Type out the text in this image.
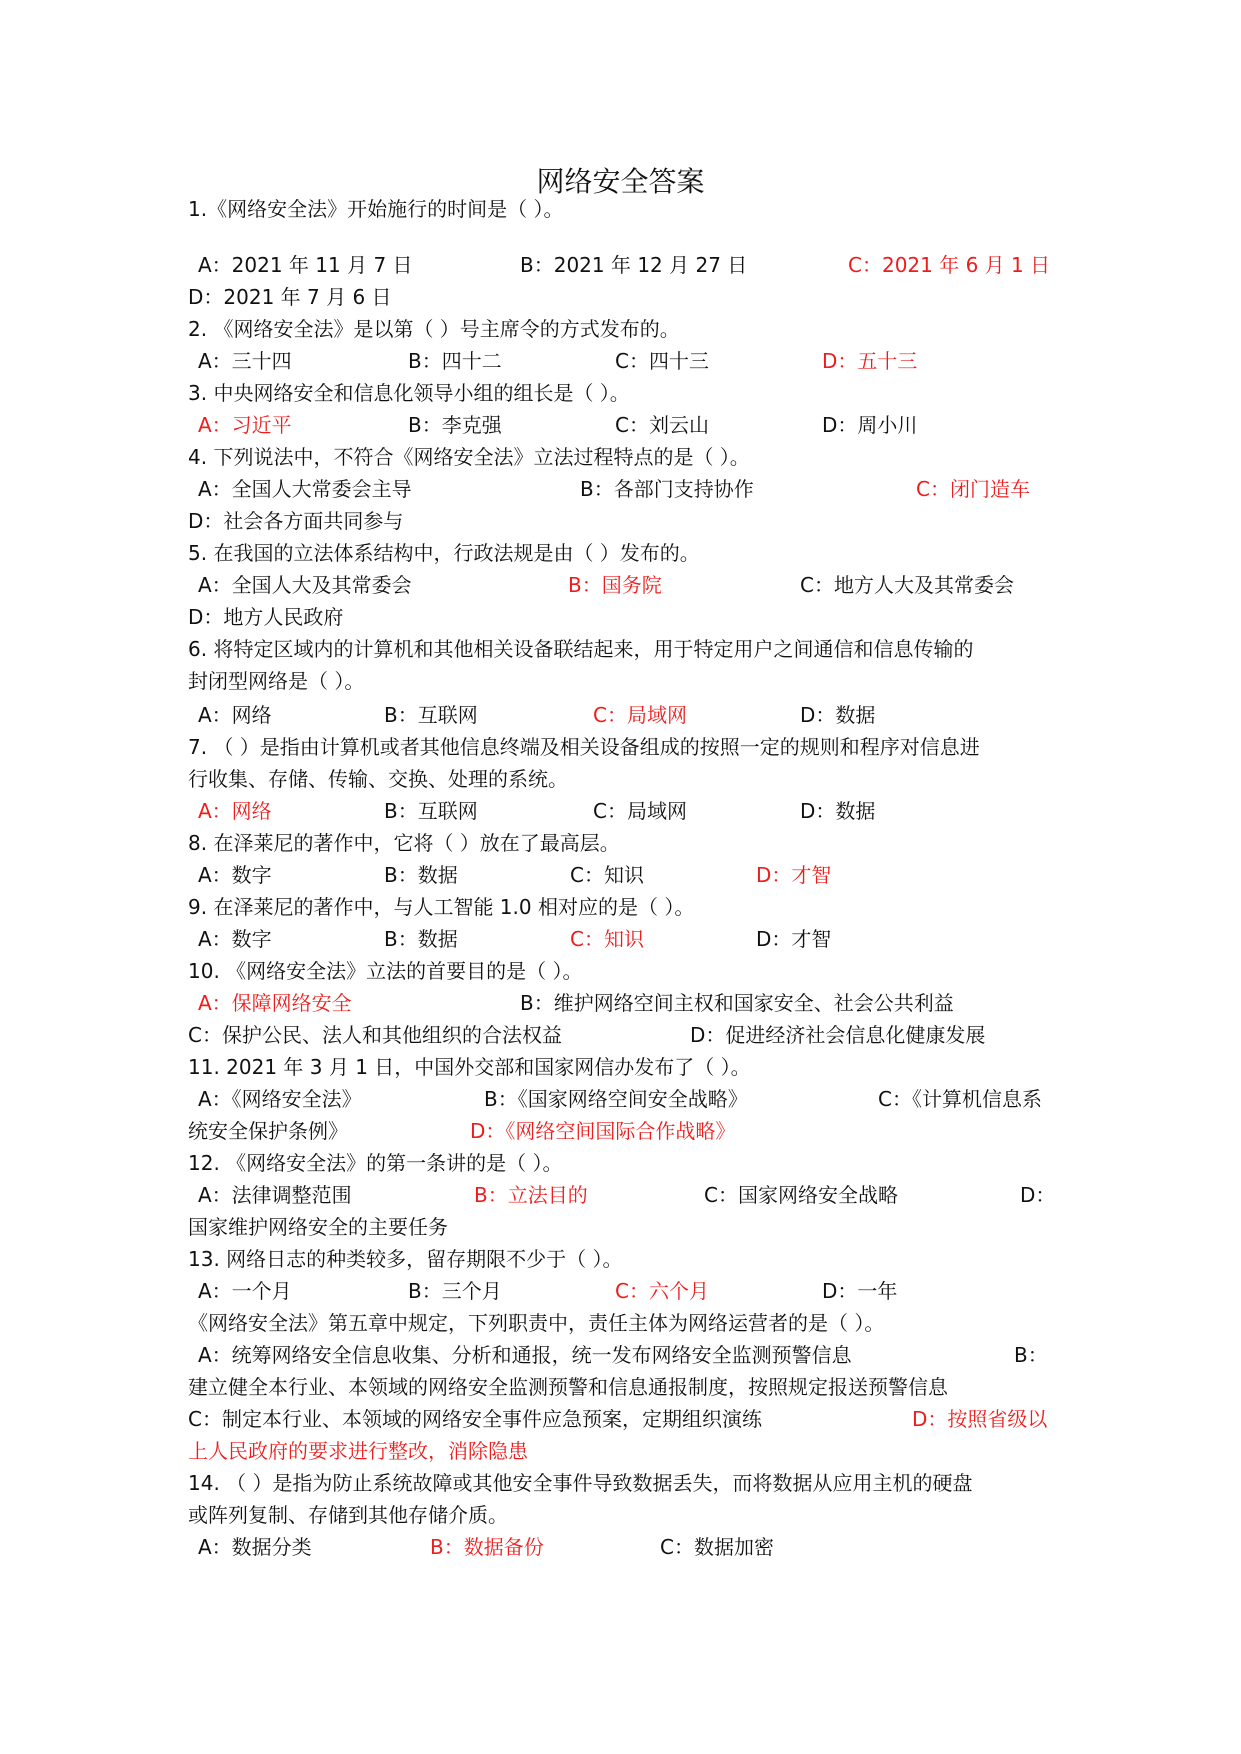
网络安全答案
1.《网络安全法》开始施行的时间是（ ）。
A：2021 年 11 月 7 日	B：2021 年 12 月 27 日	C：2021 年 6 月 1 日
D：2021 年 7 月 6 日
2. 《网络安全法》是以第（ ）号主席令的方式发布的。
A：三十四	B：四十二	C：四十三	D：五十三
3. 中央网络安全和信息化领导小组的组长是（ ）。
A：习近平	B：李克强	C：刘云山	D：周小川
4. 下列说法中，不符合《网络安全法》立法过程特点的是（ ）。
A：全国人大常委会主导	B：各部门支持协作	C：闭门造车
D：社会各方面共同参与
5. 在我国的立法体系结构中，行政法规是由（ ）发布的。
A：全国人大及其常委会	B：国务院	C：地方人大及其常委会
D：地方人民政府
6. 将特定区域内的计算机和其他相关设备联结起来，用于特定用户之间通信和信息传输的
封闭型网络是（ ）。
A：网络	B：互联网	C：局域网	D：数据
7. （ ）是指由计算机或者其他信息终端及相关设备组成的按照一定的规则和程序对信息进
行收集、存储、传输、交换、处理的系统。
A：网络	B：互联网	C：局域网	D：数据
8. 在泽莱尼的著作中，它将（ ）放在了最高层。
A：数字	B：数据	C：知识	D：才智
9. 在泽莱尼的著作中，与人工智能 1.0 相对应的是（ ）。
A：数字	B：数据	C：知识	D：才智
10. 《网络安全法》立法的首要目的是（ ）。
A：保障网络安全	B：维护网络空间主权和国家安全、社会公共利益
C：保护公民、法人和其他组织的合法权益	D：促进经济社会信息化健康发展
11. 2021 年 3 月 1 日，中国外交部和国家网信办发布了（ ）。
A：《网络安全法》	B：《国家网络空间安全战略》	C：《计算机信息系
统安全保护条例》	D：《网络空间国际合作战略》
12. 《网络安全法》的第一条讲的是（ ）。
A：法律调整范围	B：立法目的	C：国家网络安全战略	D：
国家维护网络安全的主要任务
13. 网络日志的种类较多，留存期限不少于（ ）。
A：一个月	B：三个月	C：六个月	D：一年
《网络安全法》第五章中规定，下列职责中，责任主体为网络运营者的是（ ）。
A：统筹网络安全信息收集、分析和通报，统一发布网络安全监测预警信息	B：
建立健全本行业、本领域的网络安全监测预警和信息通报制度，按照规定报送预警信息
C：制定本行业、本领域的网络安全事件应急预案，定期组织演练	D：按照省级以
上人民政府的要求进行整改，消除隐患
14. （ ）是指为防止系统故障或其他安全事件导致数据丢失，而将数据从应用主机的硬盘
或阵列复制、存储到其他存储介质。
A：数据分类	B：数据备份	C：数据加密
